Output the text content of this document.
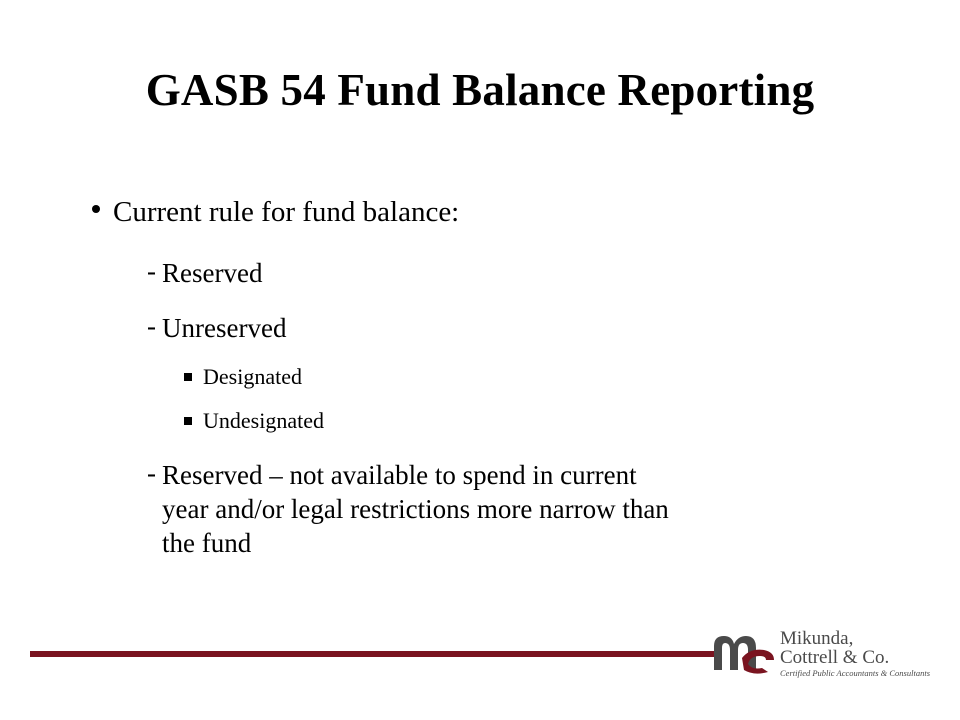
GASB 54 Fund Balance Reporting
Current rule for fund balance:
- Reserved
- Unreserved
Designated
Undesignated
- Reserved – not available to spend in current
year and/or legal restrictions more narrow than
the fund
Mikunda,
Cottrell & Co.
Certified Public Accountants & Consultants
